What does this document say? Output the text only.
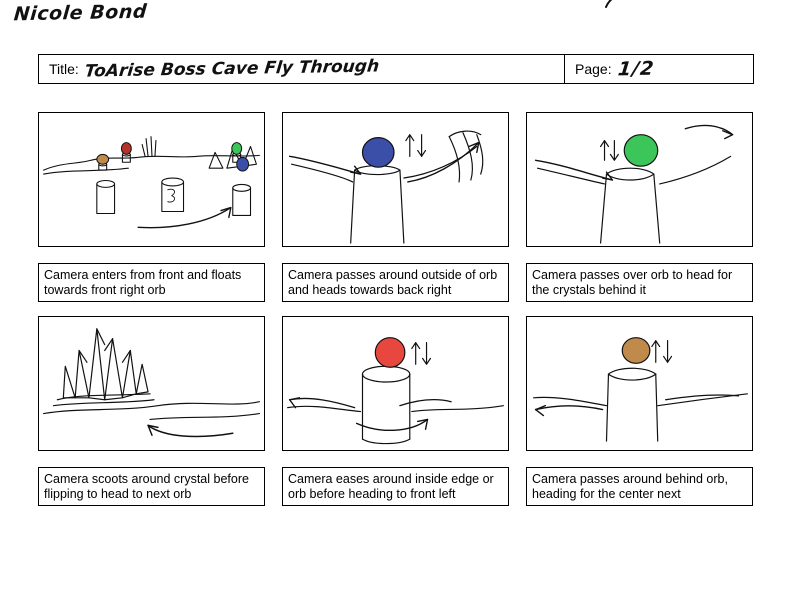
Nicole Bond
Title: ToArise Boss Cave Fly Through	Page: 1/2
Camera enters from front and floats towards front right orb
Camera passes around outside of orb and heads towards back right
Camera passes over orb to head for the crystals behind it
Camera scoots around crystal before flipping to head to next orb
Camera eases around inside edge or orb before heading to front left
Camera passes around behind orb, heading for the center next
